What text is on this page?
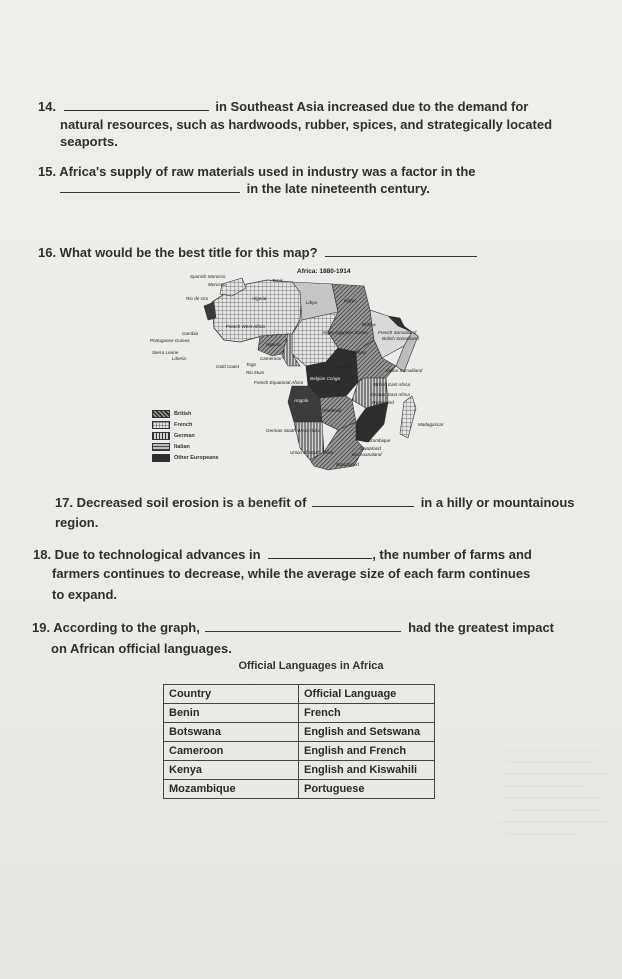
14.	in Southeast Asia increased due to the demand for
natural resources, such as hardwoods, rubber, spices, and strategically located
seaports.
15. Africa's supply of raw materials used in industry was a factor in the
in the late nineteenth century.
16. What would be the best title for this map?
Africa: 1880-1914
Spanish Morocco
Morocco
Tunis
Rio de Oro	Algeria
Libya	Egypt
Gambia
Portuguese Guinea
French West Africa
Sierra Leone
Liberia
Gold Coast Togo
Nigeria
Cameroon
Rio Muni
Anglo-Egyptian Sudan
Eritrea
French Somaliland
British Somaliland
Ethiopia
Italian Somaliland
Uganda
British East Africa
French Equatorial Africa
Belgian Congo
German East Africa
Nyasaland
Angola
Rhodesia
Madagascar
German South West Africa
Mozambique
Swaziland
Bechuanaland
Union of South Africa
Basutoland
British
French
German
Italian
Other Europeans
17. Decreased soil erosion is a benefit of	in a hilly or mountainous
region.
18. Due to technological advances in	, the number of farms and
farmers continues to decrease, while the average size of each farm continues
to expand.
19. According to the graph,	had the greatest impact
on African official languages.
Official Languages in Africa
Country	Official Language
Benin	French
Botswana	English and Setswana
Cameroon	English and French
Kenya	English and Kiswahili
Mozambique	Portuguese
